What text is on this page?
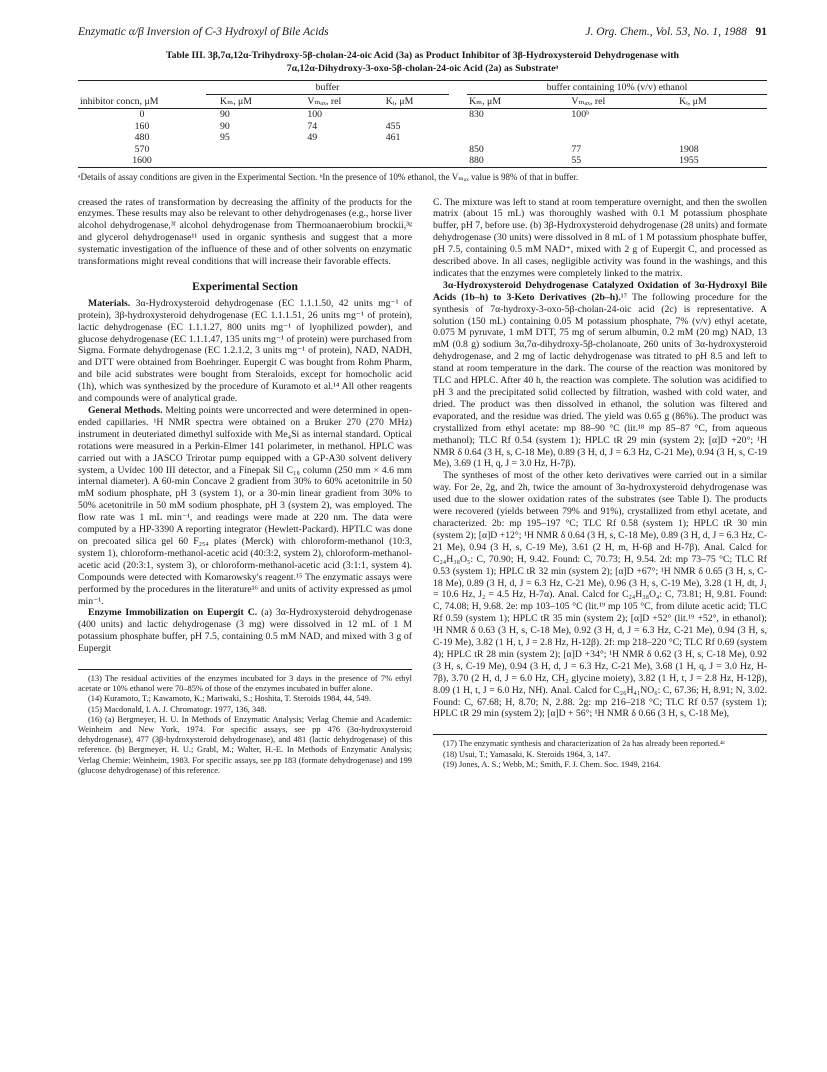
Enzymatic α/β Inversion of C-3 Hydroxyl of Bile Acids	J. Org. Chem., Vol. 53, No. 1, 1988 91
Table III. 3β,7α,12α-Trihydroxy-5β-cholan-24-oic Acid (3a) as Product Inhibitor of 3β-Hydroxysteroid Dehydrogenase with
7α,12α-Dihydroxy-3-oxo-5β-cholan-24-oic Acid (2a) as Substrateᵃ
	buffer				buffer containing 10% (v/v) ethanol		
inhibitor concn, μM	Kₘ, μM	Vₘₐₓ, rel	Kᵢ, μM		Kₘ, μM	Vₘₐₓ, rel	Kᵢ, μM
0	90	100			830	100ᵇ	
160	90	74	455				
480	95	49	461				
570					850	77	1908
1600					880	55	1955
ᵃDetails of assay conditions are given in the Experimental Section. ᵇIn the presence of 10% ethanol, the Vₘₐₓ value is 98% of that in buffer.

creased the rates of transformation by decreasing the affinity of the products for the enzymes. These results may also be relevant to other dehydrogenases (e.g., horse liver alcohol dehydrogenase,³ᶠ alcohol dehydrogenase from Thermoanaerobium brockii,³ᵍ and glycerol dehydrogenase¹¹ used in organic synthesis and suggest that a more systematic investigation of the influence of these and of other solvents on enzymatic transformations might reveal conditions that will increase their favorable effects.

Experimental Section

Materials. 3α-Hydroxysteroid dehydrogenase (EC 1.1.1.50, 42 units mg⁻¹ of protein), 3β-hydroxysteroid dehydrogenase (EC 1.1.1.51, 26 units mg⁻¹ of protein), lactic dehydrogenase (EC 1.1.1.27, 800 units mg⁻¹ of lyophilized powder), and glucose dehydrogenase (EC 1.1.1.47, 135 units mg⁻¹ of protein) were purchased from Sigma. Formate dehydrogenase (EC 1.2.1.2, 3 units mg⁻¹ of protein), NAD, NADH, and DTT were obtained from Boehringer. Eupergit C was bought from Rohm Pharm, and bile acid substrates were bought from Steraloids, except for homocholic acid (1h), which was synthesized by the procedure of Kuramoto et al.¹⁴ All other reagents and compounds were of analytical grade.

General Methods. Melting points were uncorrected and were determined in open-ended capillaries. ¹H NMR spectra were obtained on a Bruker 270 (270 MHz) instrument in deuteriated dimethyl sulfoxide with Me₄Si as internal standard. Optical rotations were measured in a Perkin-Elmer 141 polarimeter, in methanol. HPLC was carried out with a JASCO Trirotar pump equipped with a GP-A30 solvent delivery system, a Uvidec 100 III detector, and a Finepak Sil C₁₈ column (250 mm × 4.6 mm internal diameter). A 60-min Concave 2 gradient from 30% to 60% acetonitrile in 50 mM sodium phosphate, pH 3 (system 1), or a 30-min linear gradient from 30% to 50% acetonitrile in 50 mM sodium phosphate, pH 3 (system 2), was employed. The flow rate was 1 mL min⁻¹, and readings were made at 220 nm. The data were computed by a HP-3390 A reporting integrator (Hewlett-Packard). HPTLC was done on precoated silica gel 60 F₂₅₄ plates (Merck) with chloroform-methanol (10:3, system 1), chloroform-methanol-acetic acid (40:3:2, system 2), chloroform-methanol-acetic acid (20:3:1, system 3), or chloroform-methanol-acetic acid (3:1:1, system 4). Compounds were detected with Komarowsky's reagent.¹⁵ The enzymatic assays were performed by the procedures in the literature¹⁶ and units of activity expressed as μmol min⁻¹.

Enzyme Immobilization on Eupergit C. (a) 3α-Hydroxysteroid dehydrogenase (400 units) and lactic dehydrogenase (3 mg) were dissolved in 12 mL of 1 M potassium phosphate buffer, pH 7.5, containing 0.5 mM NAD, and mixed with 3 g of Eupergit

(13) The residual activities of the enzymes incubated for 3 days in the presence of 7% ethyl acetate or 10% ethanol were 70–85% of those of the enzymes incubated in buffer alone.

(14) Kuramoto, T.; Kawamoto, K.; Mariwaki, S.; Hoshita, T. Steroids 1984, 44, 549.

(15) Macdonald, I. A. J. Chromatogr. 1977, 136, 348.

(16) (a) Bergmeyer, H. U. In Methods of Enzymatic Analysis; Verlag Chemie and Academic: Weinheim and New York, 1974. For specific assays, see pp 476 (3α-hydroxysteroid dehydrogenase), 477 (3β-hydroxysteroid dehydrogenase), and 481 (lactic dehydrogenase) of this reference. (b) Bergmeyer, H. U.; Grabl, M.; Walter, H.-E. In Methods of Enzymatic Analysis; Verlag Chemie: Weinheim, 1983. For specific assays, see pp 183 (formate dehydrogenase) and 199 (glucose dehydrogenase) of this reference.

C. The mixture was left to stand at room temperature overnight, and then the swollen matrix (about 15 mL) was thoroughly washed with 0.1 M potassium phosphate buffer, pH 7, before use. (b) 3β-Hydroxysteroid dehydrogenase (28 units) and formate dehydrogenase (30 units) were dissolved in 8 mL of 1 M potassium phosphate buffer, pH 7.5, containing 0.5 mM NAD⁺, mixed with 2 g of Eupergit C, and processed as described above. In all cases, negligible activity was found in the washings, and this indicates that the enzymes were completely linked to the matrix.

3α-Hydroxysteroid Dehydrogenase Catalyzed Oxidation of 3α-Hydroxyl Bile Acids (1b–h) to 3-Keto Derivatives (2b–h).¹⁷ The following procedure for the synthesis of 7α-hydroxy-3-oxo-5β-cholan-24-oic acid (2c) is representative. A solution (150 mL) containing 0.05 M potassium phosphate, 7% (v/v) ethyl acetate, 0.075 M pyruvate, 1 mM DTT, 75 mg of serum albumin, 0.2 mM (20 mg) NAD, 13 mM (0.8 g) sodium 3α,7α-dihydroxy-5β-cholanoate, 260 units of 3α-hydroxysteroid dehydrogenase, and 2 mg of lactic dehydrogenase was titrated to pH 8.5 and left to stand at room temperature in the dark. The course of the reaction was monitored by TLC and HPLC. After 40 h, the reaction was complete. The solution was acidified to pH 3 and the precipitated solid collected by filtration, washed with cold water, and dried. The product was then dissolved in ethanol, the solution was filtered and evaporated, and the residue was dried. The yield was 0.65 g (86%). The product was crystallized from ethyl acetate: mp 88–90 °C (lit.¹⁸ mp 85–87 °C, from aqueous methanol); TLC Rf 0.54 (system 1); HPLC tR 29 min (system 2); [α]D +20°; ¹H NMR δ 0.64 (3 H, s, C-18 Me), 0.89 (3 H, d, J = 6.3 Hz, C-21 Me), 0.94 (3 H, s, C-19 Me), 3.69 (1 H, q, J = 3.0 Hz, H-7β).

The syntheses of most of the other keto derivatives were carried out in a similar way. For 2e, 2g, and 2h, twice the amount of 3α-hydroxysteroid dehydrogenase was used due to the slower oxidation rates of the substrates (see Table I). The products were recovered (yields between 79% and 91%), crystallized from ethyl acetate, and characterized. 2b: mp 195–197 °C; TLC Rf 0.58 (system 1); HPLC tR 30 min (system 2); [α]D +12°; ¹H NMR δ 0.64 (3 H, s, C-18 Me), 0.89 (3 H, d, J = 6.3 Hz, C-21 Me), 0.94 (3 H, s, C-19 Me), 3.61 (2 H, m, H-6β and H-7β). Anal. Calcd for C₂₄H₃₈O₅: C, 70.90; H, 9.42. Found: C, 70.73; H, 9.54. 2d: mp 73–75 °C; TLC Rf 0.53 (system 1); HPLC tR 32 min (system 2); [α]D +67°; ¹H NMR δ 0.65 (3 H, s, C-18 Me), 0.89 (3 H, d, J = 6.3 Hz, C-21 Me), 0.96 (3 H, s, C-19 Me), 3.28 (1 H, dt, J₁ = 10.6 Hz, J₂ = 4.5 Hz, H-7α). Anal. Calcd for C₂₄H₃₈O₄: C, 73.81; H, 9.81. Found: C, 74.08; H, 9.68. 2e: mp 103–105 °C (lit.¹⁹ mp 105 °C, from dilute acetic acid; TLC Rf 0.59 (system 1); HPLC tR 35 min (system 2); [α]D +52° (lit.¹⁹ +52°, in ethanol); ¹H NMR δ 0.63 (3 H, s, C-18 Me), 0.92 (3 H, d, J = 6.3 Hz, C-21 Me), 0.94 (3 H, s, C-19 Me), 3.82 (1 H, t, J = 2.8 Hz, H-12β). 2f: mp 218–220 °C; TLC Rf 0.69 (system 4); HPLC tR 28 min (system 2); [α]D +34°; ¹H NMR δ 0.62 (3 H, s, C-18 Me), 0.92 (3 H, s, C-19 Me), 0.94 (3 H, d, J = 6.3 Hz, C-21 Me), 3.68 (1 H, q, J = 3.0 Hz, H-7β), 3.70 (2 H, d, J = 6.0 Hz, CH₂ glycine moiety), 3.82 (1 H, t, J = 2.8 Hz, H-12β), 8.09 (1 H, t, J = 6.0 Hz, NH). Anal. Calcd for C₂₆H₄₁NO₆: C, 67.36; H, 8.91; N, 3.02. Found: C, 67.68; H, 8.70; N, 2.88. 2g: mp 216–218 °C; TLC Rf 0.57 (system 1); HPLC tR 29 min (system 2); [α]D + 56°; ¹H NMR δ 0.66 (3 H, s, C-18 Me),

(17) The enzymatic synthesis and characterization of 2a has already been reported.⁴ᶜ

(18) Usui, T.; Yamasaki, K. Steroids 1964, 3, 147.

(19) Jones, A. S.; Webb, M.; Smith, F. J. Chem. Soc. 1949, 2164.
